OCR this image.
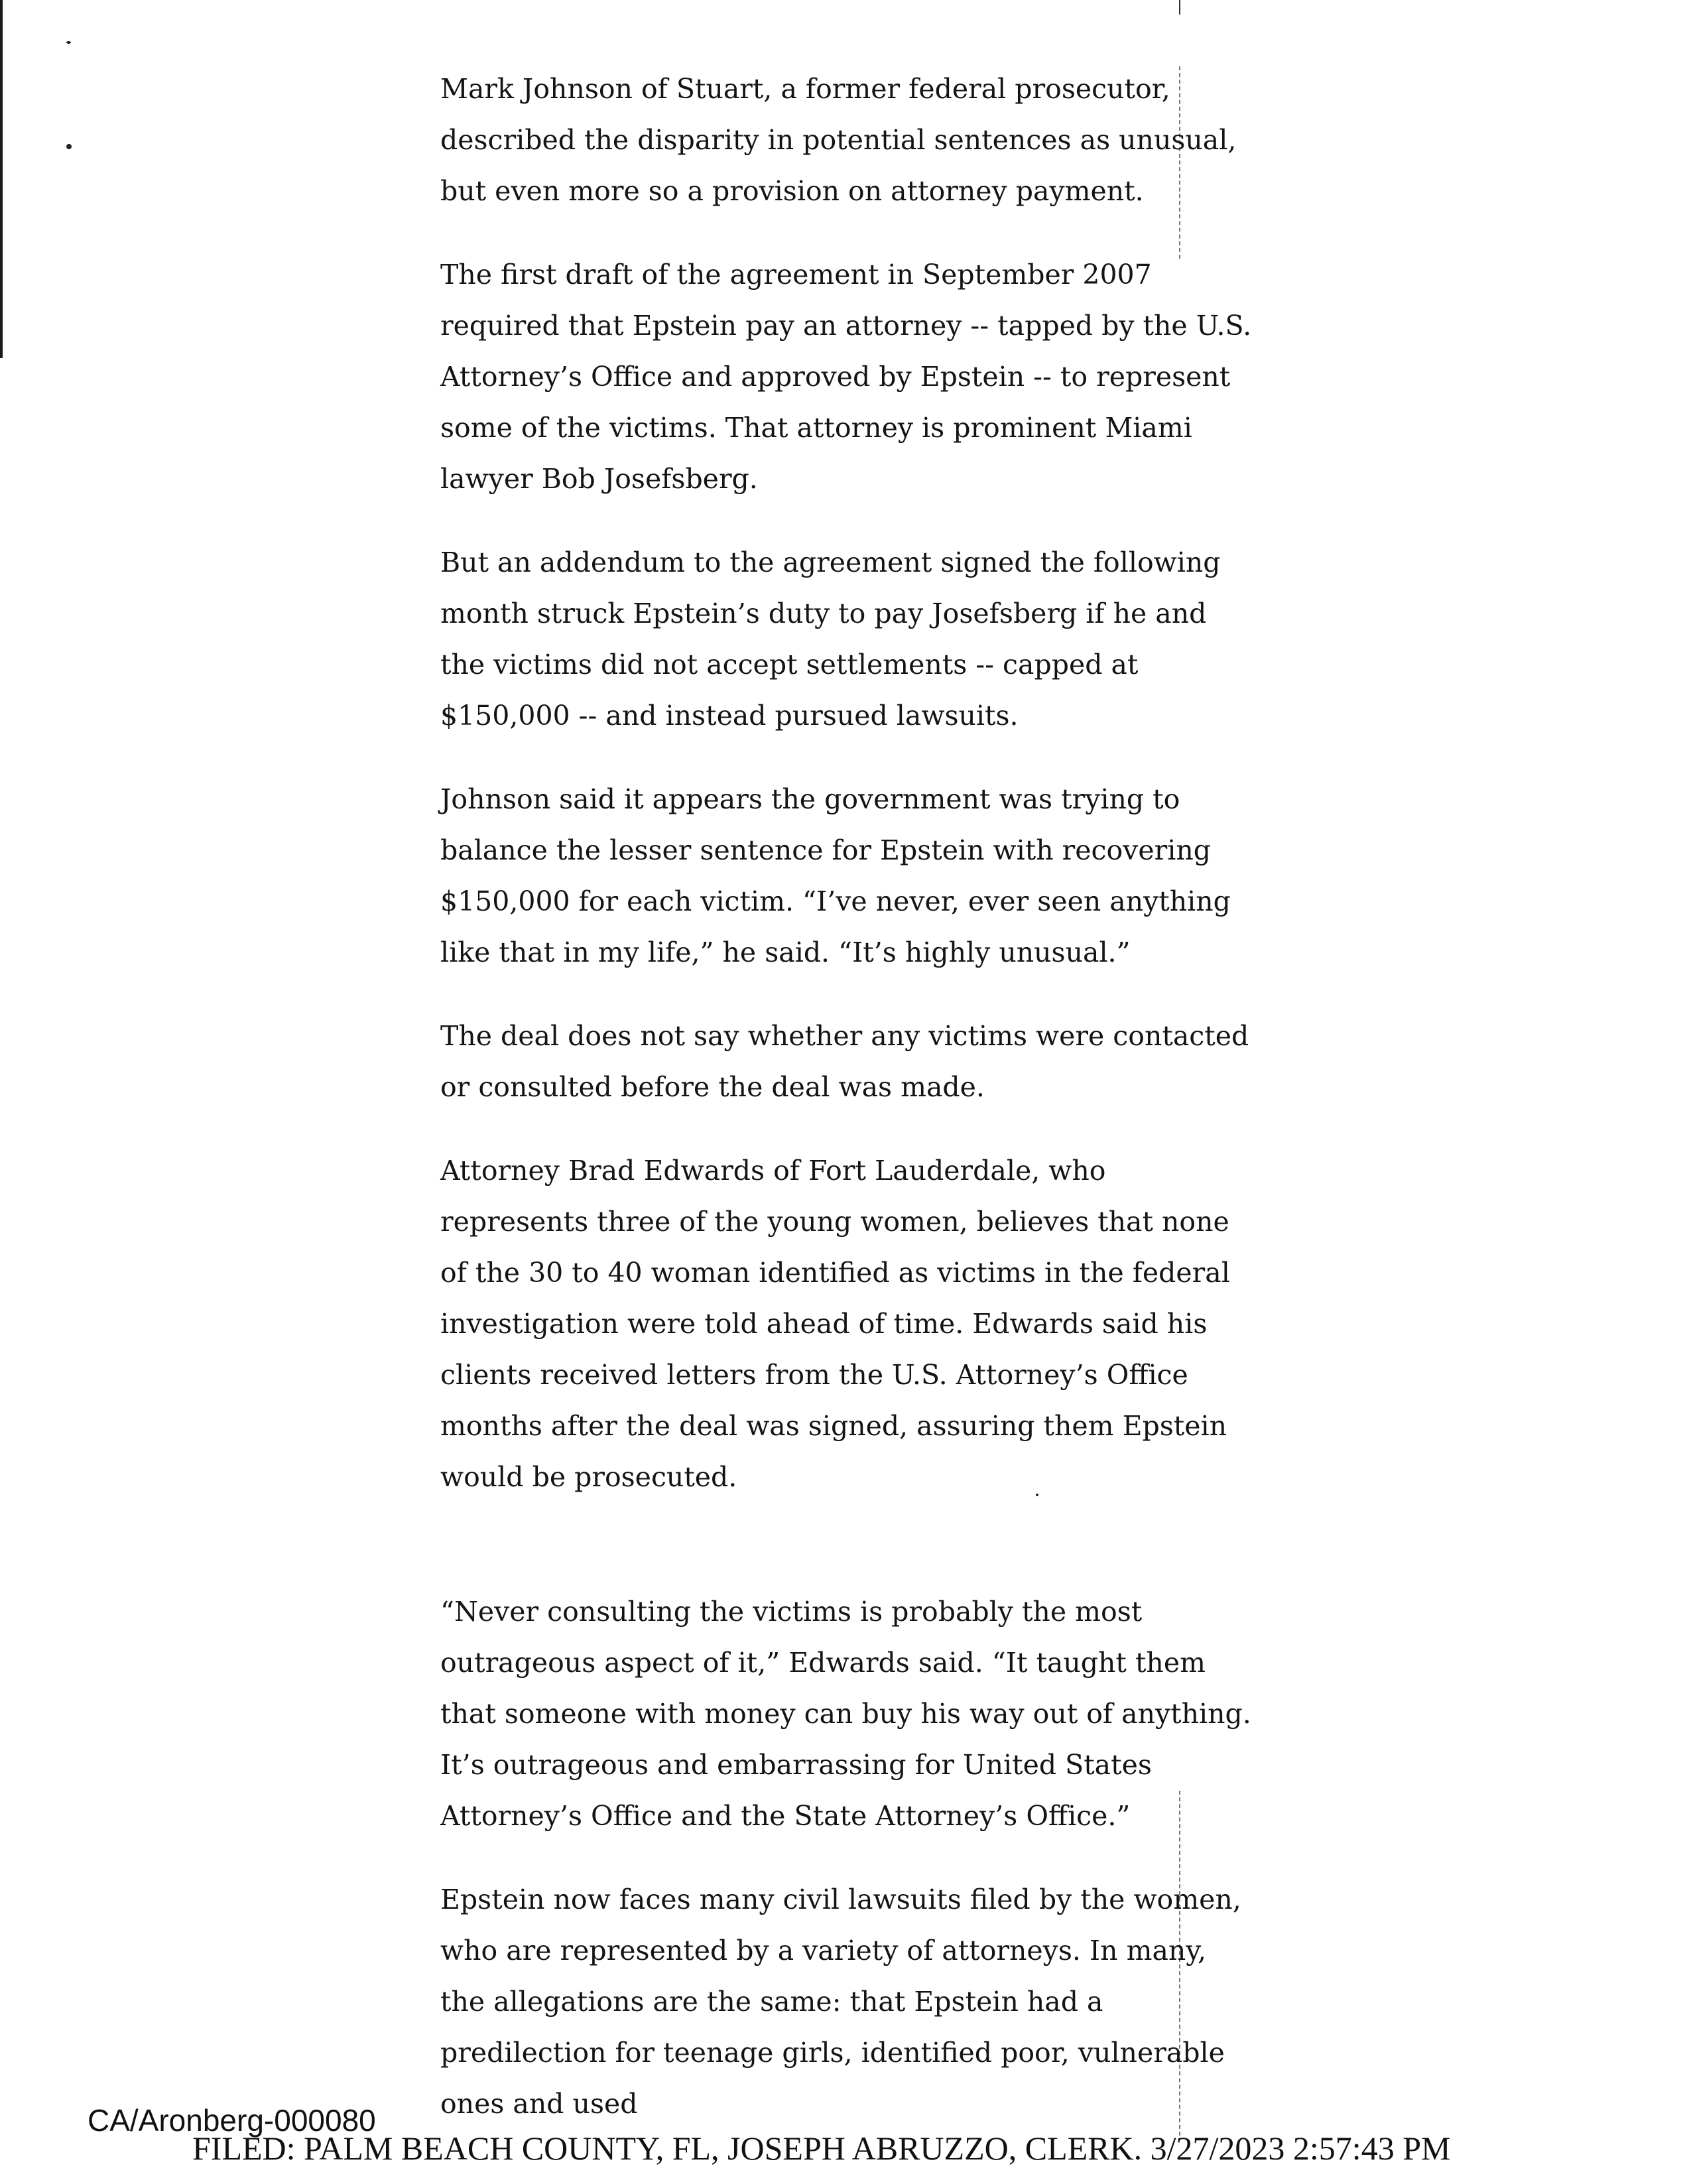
Mark Johnson of Stuart, a former federal prosecutor, described the disparity in potential sentences as unusual, but even more so a provision on attorney payment.

The first draft of the agreement in September 2007 required that Epstein pay an attorney -- tapped by the U.S. Attorney’s Office and approved by Epstein -- to represent some of the victims. That attorney is prominent Miami lawyer Bob Josefsberg.

But an addendum to the agreement signed the following month struck Epstein’s duty to pay Josefsberg if he and the victims did not accept settlements -- capped at $150,000 -- and instead pursued lawsuits.

Johnson said it appears the government was trying to balance the lesser sentence for Epstein with recovering $150,000 for each victim. “I’ve never, ever seen anything like that in my life,” he said. “It’s highly unusual.”

The deal does not say whether any victims were contacted or consulted before the deal was made.

Attorney Brad Edwards of Fort Lauderdale, who represents three of the young women, believes that none of the 30 to 40 woman identified as victims in the federal investigation were told ahead of time. Edwards said his clients received letters from the U.S. Attorney’s Office months after the deal was signed, assuring them Epstein would be prosecuted.

“Never consulting the victims is probably the most outrageous aspect of it,” Edwards said. “It taught them that someone with money can buy his way out of anything. It’s outrageous and embarrassing for United States Attorney’s Office and the State Attorney’s Office.”

Epstein now faces many civil lawsuits filed by the women, who are represented by a variety of attorneys. In many, the allegations are the same: that Epstein had a predilection for teenage girls, identified poor, vulnerable ones and used

CA/Aronberg-000080
FILED: PALM BEACH COUNTY, FL, JOSEPH ABRUZZO, CLERK. 3/27/2023 2:57:43 PM
